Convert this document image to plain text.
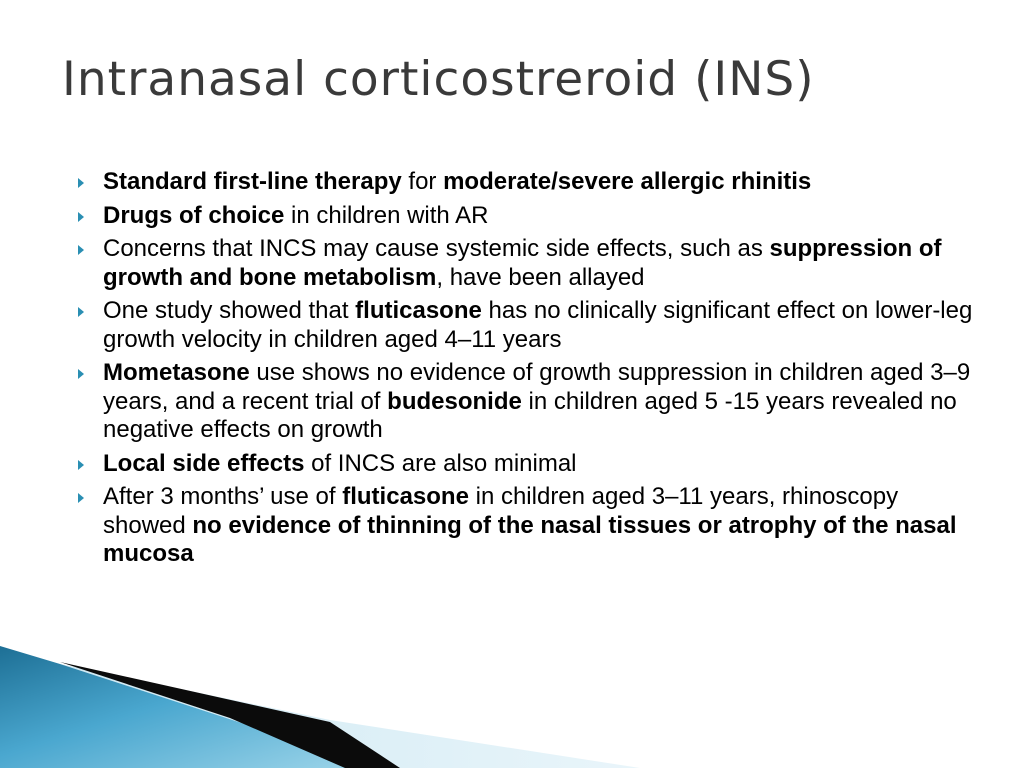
Intranasal corticostreroid (INS)
Standard first-line therapy for moderate/severe allergic rhinitis
Drugs of choice in children with AR
Concerns that INCS may cause systemic side effects, such as suppression of growth and bone metabolism, have been allayed
One study showed that fluticasone has no clinically significant effect on lower-leg growth velocity in children aged 4–11 years
Mometasone use shows no evidence of growth suppression in children aged 3–9 years, and a recent trial of budesonide in children aged 5 -15 years revealed no negative effects on growth
Local side effects of INCS are also minimal
After 3 months’ use of fluticasone in children aged 3–11 years, rhinoscopy showed no evidence of thinning of the nasal tissues or atrophy of the nasal mucosa
